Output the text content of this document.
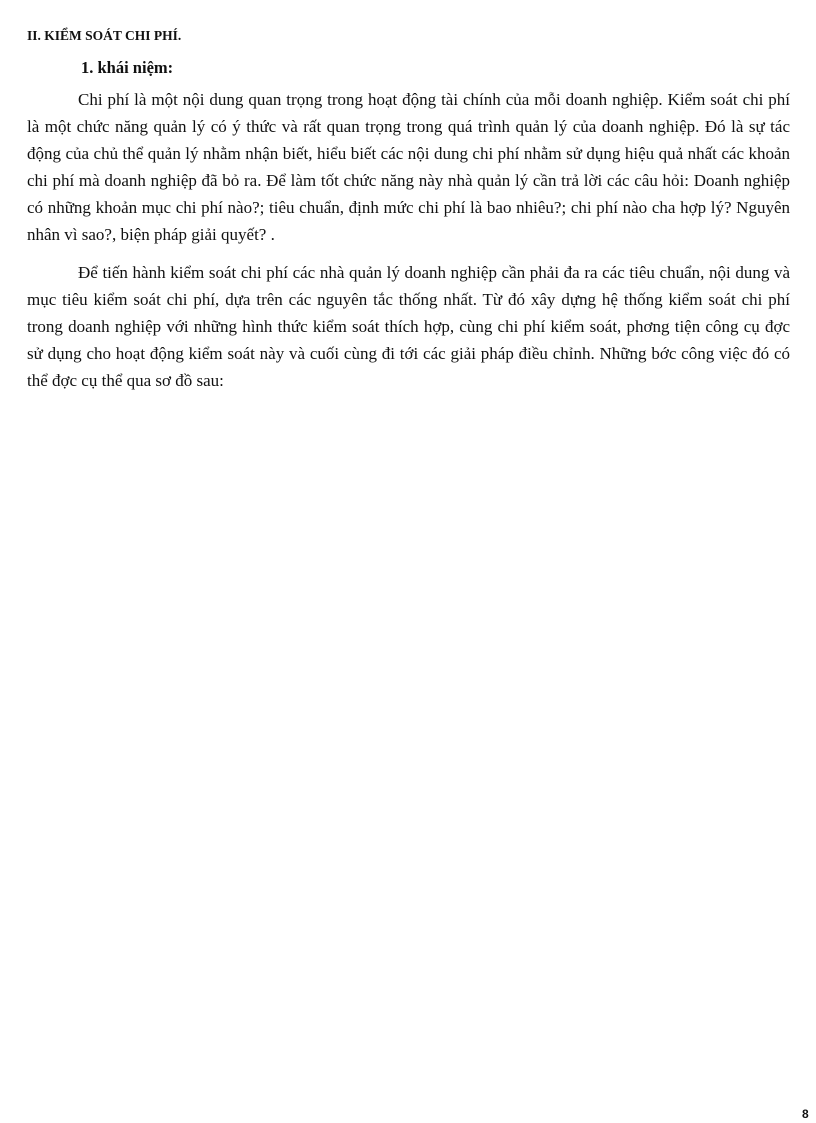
II. KIỂM SOÁT CHI PHÍ.
1. khái niệm:

Chi phí là một nội dung quan trọng trong hoạt động tài chính của mỗi doanh nghiệp. Kiểm soát chi phí là một chức năng quản lý có ý thức và rất quan trọng trong quá trình quản lý của doanh nghiệp. Đó là sự tác động của chủ thể quản lý nhằm nhận biết, hiểu biết các nội dung chi phí nhằm sử dụng hiệu quả nhất các khoản chi phí mà doanh nghiệp đã bỏ ra. Để làm tốt chức năng này nhà quản lý cần trả lời các câu hỏi: Doanh nghiệp có những khoản mục chi phí nào?; tiêu chuẩn, định mức chi phí là bao nhiêu?; chi phí nào cha hợp lý? Nguyên nhân vì sao?, biện pháp giải quyết? .

Để tiến hành kiểm soát chi phí các nhà quản lý doanh nghiệp cần phải đa ra các tiêu chuẩn, nội dung và mục tiêu kiểm soát chi phí, dựa trên các nguyên tắc thống nhất. Từ đó xây dựng hệ thống kiểm soát chi phí trong doanh nghiệp với những hình thức kiểm soát thích hợp, cùng chi phí kiểm soát, phơng tiện công cụ đợc sử dụng cho hoạt động kiểm soát này và cuối cùng đi tới các giải pháp điều chỉnh. Những bớc công việc đó có thể đợc cụ thể qua sơ đồ sau:

8
